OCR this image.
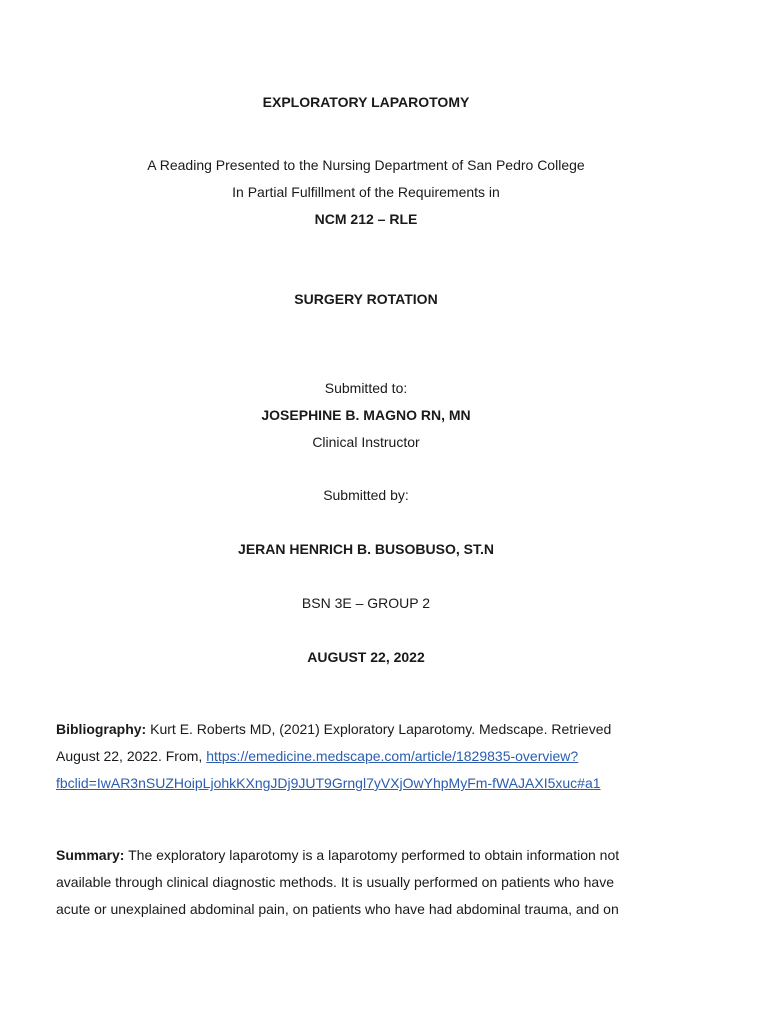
EXPLORATORY LAPAROTOMY
A Reading Presented to the Nursing Department of San Pedro College
In Partial Fulfillment of the Requirements in
NCM 212 – RLE
SURGERY ROTATION
Submitted to:
JOSEPHINE B. MAGNO RN, MN
Clinical Instructor
Submitted by:
JERAN HENRICH B. BUSOBUSO, ST.N
BSN 3E – GROUP 2
AUGUST 22, 2022
Bibliography: Kurt E. Roberts MD, (2021) Exploratory Laparotomy. Medscape. Retrieved
August 22, 2022. From, https://emedicine.medscape.com/article/1829835-overview?
fbclid=IwAR3nSUZHoipLjohkKXngJDj9JUT9Grngl7yVXjOwYhpMyFm-fWAJAXI5xuc#a1
Summary: The exploratory laparotomy is a laparotomy performed to obtain information not
available through clinical diagnostic methods. It is usually performed on patients who have
acute or unexplained abdominal pain, on patients who have had abdominal trauma, and on
